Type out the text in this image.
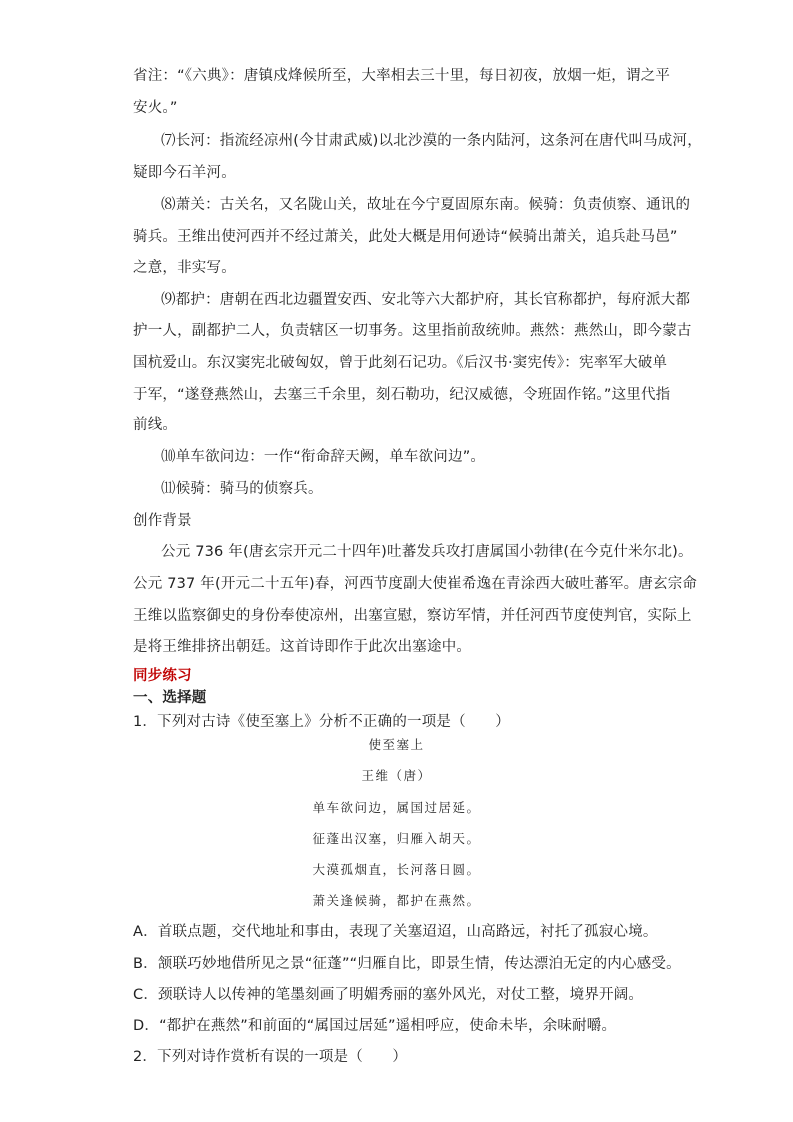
省注：“《六典》：唐镇戍烽候所至，大率相去三十里，每日初夜，放烟一炬，谓之平
安火。”
⑺长河：指流经凉州(今甘肃武威)以北沙漠的一条内陆河，这条河在唐代叫马成河，
疑即今石羊河。
⑻萧关：古关名，又名陇山关，故址在今宁夏固原东南。候骑：负责侦察、通讯的
骑兵。王维出使河西并不经过萧关，此处大概是用何逊诗“候骑出萧关，追兵赴马邑”
之意，非实写。
⑼都护：唐朝在西北边疆置安西、安北等六大都护府，其长官称都护，每府派大都
护一人，副都护二人，负责辖区一切事务。这里指前敌统帅。燕然：燕然山，即今蒙古
国杭爱山。东汉窦宪北破匈奴，曾于此刻石记功。《后汉书·窦宪传》：宪率军大破单
于军，“遂登燕然山，去塞三千余里，刻石勒功，纪汉威德，令班固作铭。”这里代指
前线。
⑽单车欲问边：一作“衔命辞天阙，单车欲问边”。
⑾候骑：骑马的侦察兵。
创作背景
公元 736 年(唐玄宗开元二十四年)吐蕃发兵攻打唐属国小勃律(在今克什米尔北)。
公元 737 年(开元二十五年)春，河西节度副大使崔希逸在青涂西大破吐蕃军。唐玄宗命
王维以监察御史的身份奉使凉州，出塞宣慰，察访军情，并任河西节度使判官，实际上
是将王维排挤出朝廷。这首诗即作于此次出塞途中。
同步练习
一、选择题
1．下列对古诗《使至塞上》分析不正确的一项是（　　）
使至塞上
王维（唐）
单车欲问边，属国过居延。
征蓬出汉塞，归雁入胡天。
大漠孤烟直，长河落日圆。
萧关逢候骑，都护在燕然。
A．首联点题，交代地址和事由，表现了关塞迢迢，山高路远，衬托了孤寂心境。
B．颔联巧妙地借所见之景“征蓬”“归雁自比，即景生情，传达漂泊无定的内心感受。
C．颈联诗人以传神的笔墨刻画了明媚秀丽的塞外风光，对仗工整，境界开阔。
D．“都护在燕然”和前面的“属国过居延”遥相呼应，使命未毕，余味耐嚼。
2．下列对诗作赏析有误的一项是（　　）
